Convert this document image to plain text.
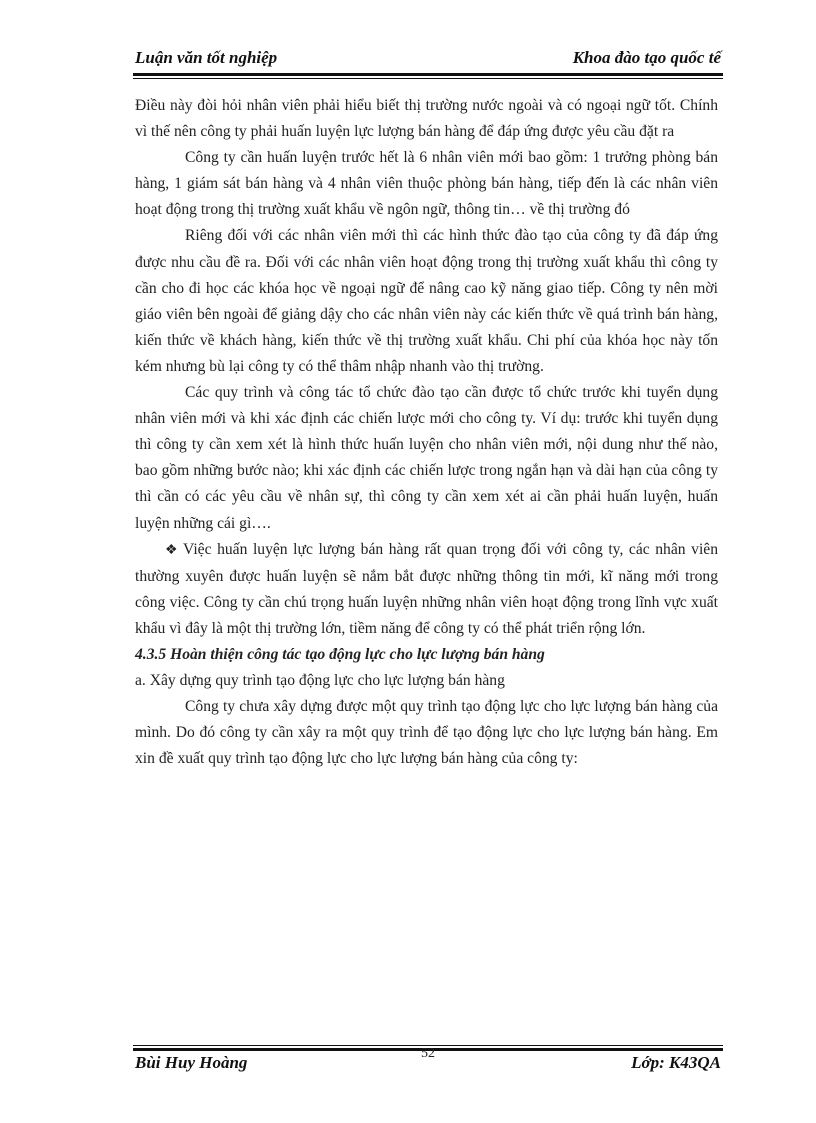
Luận văn tốt nghiệp	Khoa đào tạo quốc tế

Điều này đòi hỏi nhân viên phải hiểu biết thị trường nước ngoài và có ngoại ngữ tốt. Chính vì thế nên công ty phải huấn luyện lực lượng bán hàng để đáp ứng được yêu cầu đặt ra

Công ty cần huấn luyện trước hết là 6 nhân viên mới bao gồm: 1 trưởng phòng bán hàng, 1 giám sát bán hàng và 4 nhân viên thuộc phòng bán hàng, tiếp đến là các nhân viên hoạt động trong thị trường xuất khẩu về ngôn ngữ, thông tin… về thị trường đó

Riêng đối với các nhân viên mới thì các hình thức đào tạo của công ty đã đáp ứng được nhu cầu đề ra. Đối với các nhân viên hoạt động trong thị trường xuất khẩu thì công ty cần cho đi học các khóa học về ngoại ngữ để nâng cao kỹ năng giao tiếp. Công ty nên mời giáo viên bên ngoài để giảng dậy cho các nhân viên này các kiến thức về quá trình bán hàng, kiến thức về khách hàng, kiến thức về thị trường xuất khẩu. Chi phí của khóa học này tốn kém nhưng bù lại công ty có thể thâm nhập nhanh vào thị trường.

Các quy trình và công tác tổ chức đào tạo cần được tổ chức trước khi tuyển dụng nhân viên mới và khi xác định các chiến lược mới cho công ty. Ví dụ: trước khi tuyển dụng thì công ty cần xem xét là hình thức huấn luyện cho nhân viên mới, nội dung như thế nào, bao gồm những bước nào; khi xác định các chiến lược trong ngắn hạn và dài hạn của công ty thì cần có các yêu cầu về nhân sự, thì công ty cần xem xét ai cần phải huấn luyện, huấn luyện những cái gì….

❖ Việc huấn luyện lực lượng bán hàng rất quan trọng đối với công ty, các nhân viên thường xuyên được huấn luyện sẽ nắm bắt được những thông tin mới, kĩ năng mới trong công việc. Công ty cần chú trọng huấn luyện những nhân viên hoạt động trong lĩnh vực xuất khẩu vì đây là một thị trường lớn, tiềm năng để công ty có thể phát triển rộng lớn.

4.3.5 Hoàn thiện công tác tạo động lực cho lực lượng bán hàng

a. Xây dựng quy trình tạo động lực cho lực lượng bán hàng

Công ty chưa xây dựng được một quy trình tạo động lực cho lực lượng bán hàng của mình. Do đó công ty cần xây ra một quy trình để tạo động lực cho lực lượng bán hàng. Em xin đề xuất quy trình tạo động lực cho lực lượng bán hàng của công ty:

Bùi Huy Hoàng	52	Lớp: K43QA
